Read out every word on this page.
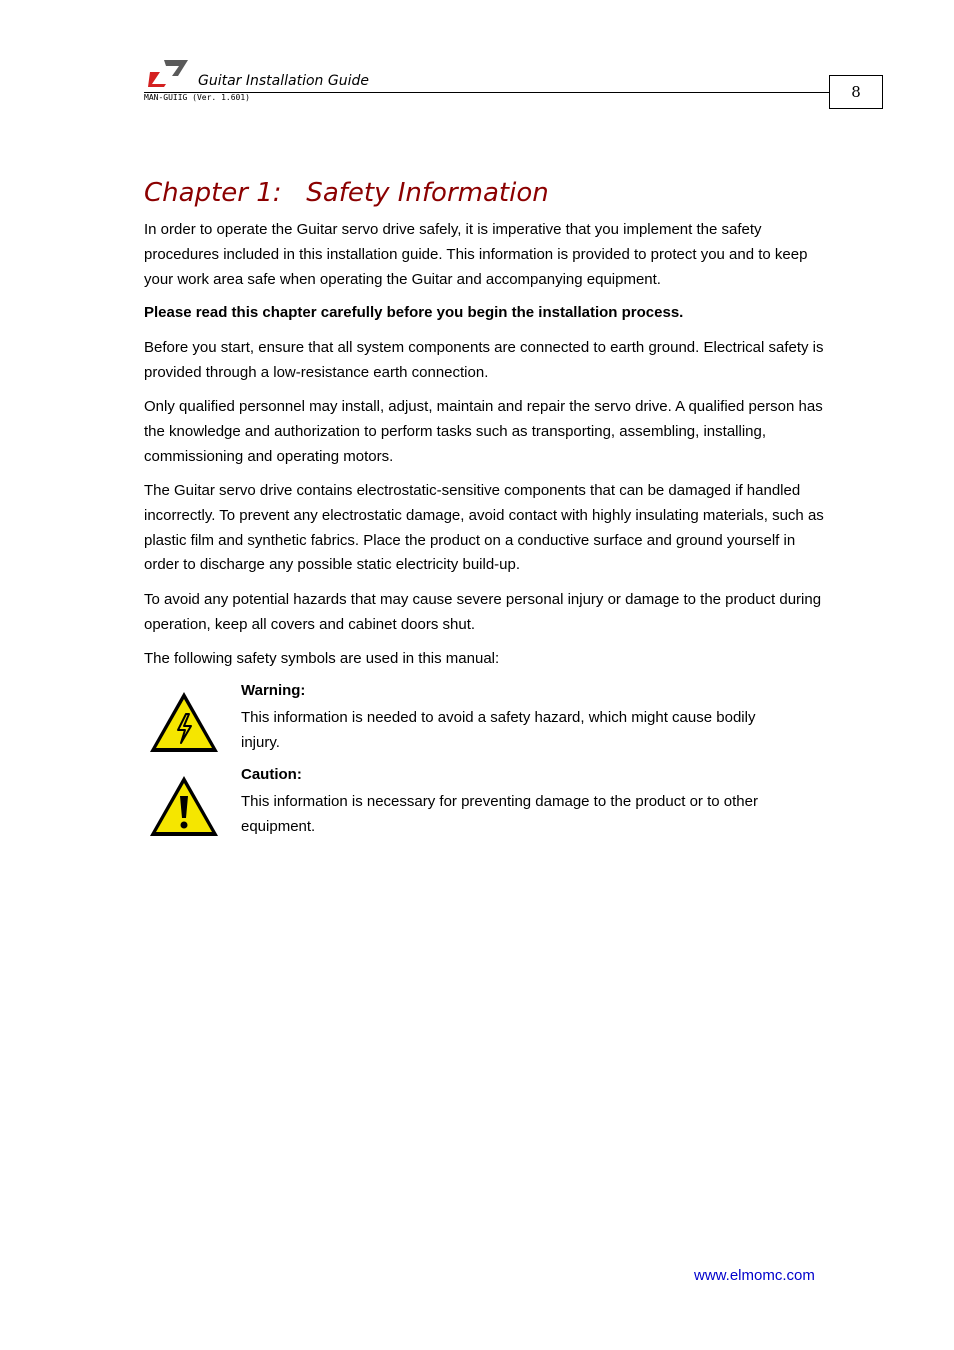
Guitar Installation Guide
MAN-GUIIG (Ver. 1.601)	8
Chapter 1:   Safety Information

In order to operate the Guitar servo drive safely, it is imperative that you implement the safety procedures included in this installation guide. This information is provided to protect you and to keep your work area safe when operating the Guitar and accompanying equipment.

Please read this chapter carefully before you begin the installation process.

Before you start, ensure that all system components are connected to earth ground. Electrical safety is provided through a low-resistance earth connection.

Only qualified personnel may install, adjust, maintain and repair the servo drive. A qualified person has the knowledge and authorization to perform tasks such as transporting, assembling, installing, commissioning and operating motors.

The Guitar servo drive contains electrostatic-sensitive components that can be damaged if handled incorrectly. To prevent any electrostatic damage, avoid contact with highly insulating materials, such as plastic film and synthetic fabrics. Place the product on a conductive surface and ground yourself in order to discharge any possible static electricity build-up.

To avoid any potential hazards that may cause severe personal injury or damage to the product during operation, keep all covers and cabinet doors shut.

The following safety symbols are used in this manual:

Warning:

This information is needed to avoid a safety hazard, which might cause bodily injury.

Caution:

This information is necessary for preventing damage to the product or to other equipment.

www.elmomc.com
